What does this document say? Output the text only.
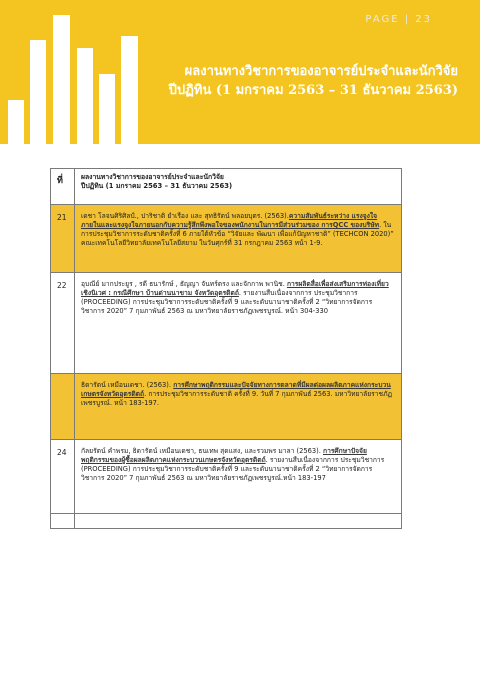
PAGE | 23
ผลงานทางวิชาการของอาจารย์ประจำและนักวิจัย
ปีปฏิทิน (1 มกราคม 2563 – 31 ธันวาคม 2563)
ที่	ผลงานทางวิชาการของอาจารย์ประจำและนักวิจัย
ปีปฏิทิน (1 มกราคม 2563 – 31 ธันวาคม 2563)

21	เดชา โลจนศิริศิลป์., ปาริชาติ ยำเรือง และ สุทธิรัตน์ พลอยบุตร. (2563).ความสัมพันธ์ระหว่าง แรงจูงใจภายในและแรงจูงใจภายนอกกับความรู้สึกพึงพอใจของพนักงานในการมีส่วนร่วมของ การQCC ของบริษัท. ใน การประชุมวิชาการระดับชาติครั้งที่ 6 ภายใต้หัวข้อ “วิจัยและ พัฒนา เพื่อแก้ปัญหาชาติ” (TECHCON 2020)” คณะเทคโนโลยีวิทยาลัยเทคโนโลยีสยาม ในวันศุกร์ที่ 31 กรกฎาคม 2563 หน้า 1-9.
22	อุบณีย์ มากประยูร , รดี ธนารักษ์ , ธัญญา จันทร์ตรง และจักกาพ พานิช. การผลิตสื่อเพื่อส่งเสริมการท่องเที่ยวเชิงนิเวศ : กรณีศึกษา บ้านด่านนาขาม จังหวัดอุตรดิตถ์. รายงานสืบเนื่องจากการ ประชุมวิชาการ (PROCEEDING) การประชุมวิชาการระดับชาติครั้งที่ 9 และระดับนานาชาติครั้งที่ 2 “วิทยาการจัดการวิชาการ 2020” 7 กุมภาพันธ์ 2563 ณ มหาวิทยาลัยราชภัฏเพชรบูรณ์. หน้า 304-330
	ธิดารัตน์ เหมือนเดชา. (2563). การศึกษาพฤติกรรมและปัจจัยทางการตลาดที่มีผลต่อผลผลิตภาคแห่งกระบวนเกษตรจังหวัดอุตรดิตถ์. การประชุมวิชาการระดับชาติ ครั้งที่ 9. วันที่ 7 กุมภาพันธ์ 2563. มหาวิทยาลัยราชภัฏเพชรบูรณ์. หน้า 183-197.
24	กัลยรัตน์ คำพรม, ธิดารัตน์ เหมือนเดชา, ธนเทพ สุดแสง, และรวมพร มาลา (2563). การศึกษาปัจจัยพฤติกรรมของผู้ซื้อผลผลิตภาคแห่งกระบวนเกษตรจังหวัดอุตรดิตถ์. รายงานสืบเนื่องจากการ ประชุมวิชาการ (PROCEEDING) การประชุมวิชาการระดับชาติครั้งที่ 9 และระดับนานาชาติครั้งที่ 2 “วิทยาการจัดการวิชาการ 2020” 7 กุมภาพันธ์ 2563 ณ มหาวิทยาลัยราชภัฏเพชรบูรณ์.หน้า 183-197
